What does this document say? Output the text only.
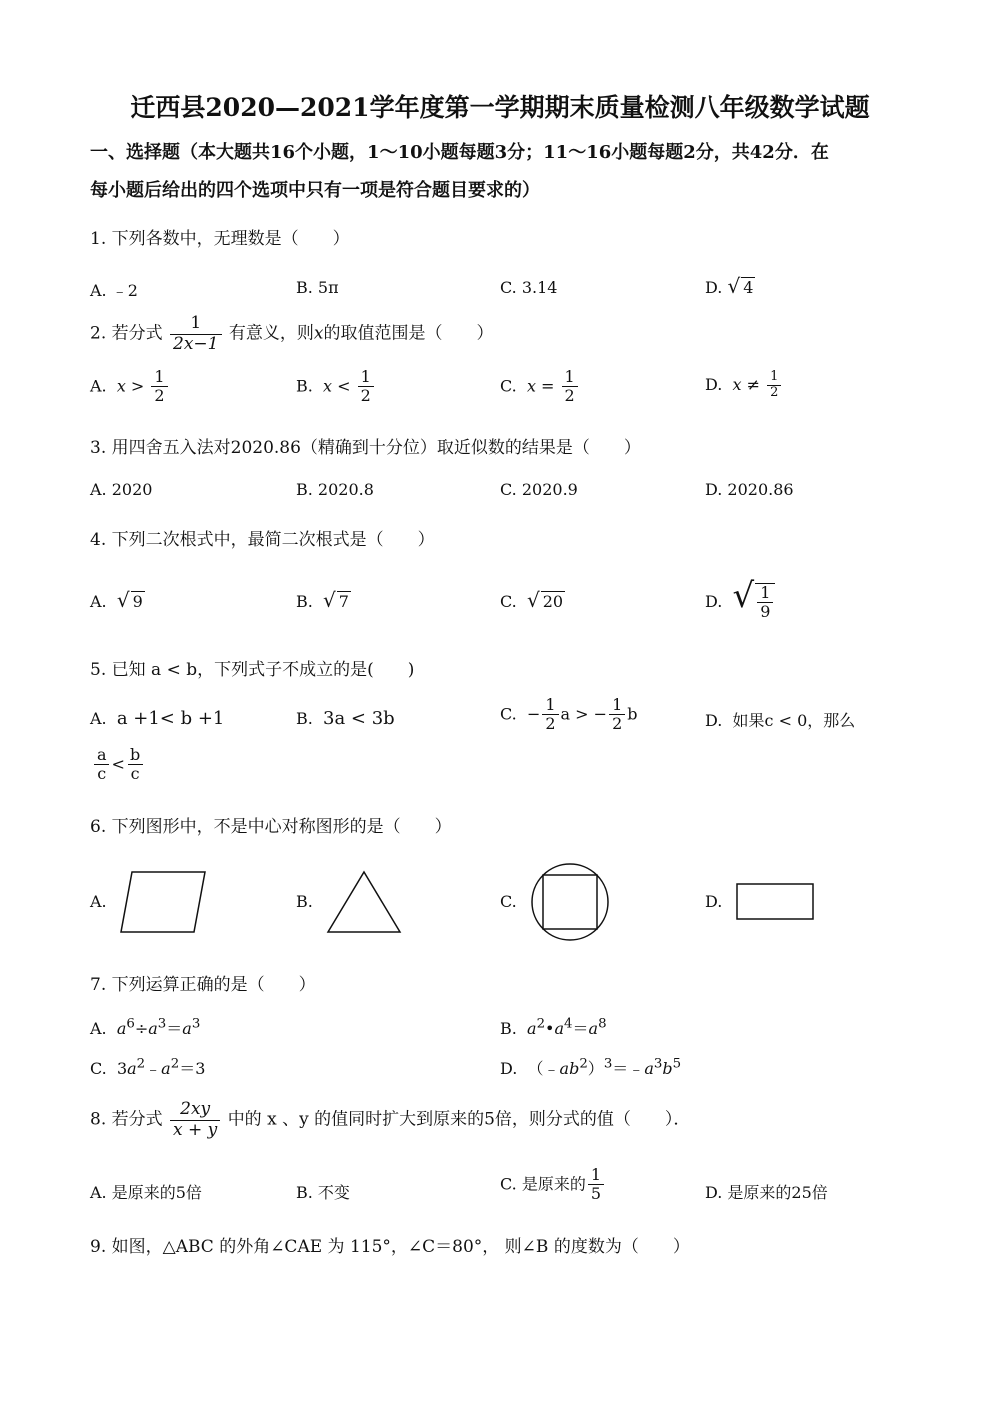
迁西县2020—2021学年度第一学期期末质量检测八年级数学试题
一、选择题（本大题共16个小题，1～10小题每题3分；11～16小题每题2分，共42分．在
每小题后给出的四个选项中只有一项是符合题目要求的）
1. 下列各数中，无理数是（　　）
A. ﹣2	B. 5π	C. 3.14	D. √ 4
2. 若分式 $\frac{1}{2x-1}$ 有意义，则x的取值范围是（　　）
A. $x > \frac{1}{2}$	B. $x < \frac{1}{2}$	C. $x = \frac{1}{2}$	D. $x \ne \frac{1}{2}$
3. 用四舍五入法对2020.86（精确到十分位）取近似数的结果是（　　）
A. 2020	B. 2020.8	C. 2020.9	D. 2020.86
4. 下列二次根式中，最简二次根式是（　　）
A. √ 9	B. √ 7	C. √ 20	D. √ $\frac{1}{9}$
5. 已知 a < b，下列式子不成立的是(　　)
A. a +1< b +1	B. 3a < 3b	C. − $\frac{1}{2}$ a > − $\frac{1}{2}$ b	D. 如果c < 0，那么
$\frac{a}{c} < \frac{b}{c}$
6. 下列图形中，不是中心对称图形的是（　　）
A.	B.	C.	D.
7. 下列运算正确的是（　　）
A. $a^6\div a^3=a^3$	B. $a^2•a^4=a^8$
C.  $3a^2﹣a^2=3$	D.  $(﹣ab^2)^3=﹣a^3b^5$
8. 若分式 $\frac{2xy}{x + y}$ 中的 x 、y 的值同时扩大到原来的5倍，则分式的值（　　）．
A. 是原来的5倍	B. 不变	C. 是原来的 $\frac{1}{5}$	D. 是原来的25倍
9. 如图，△ABC 的外角∠CAE 为 115°，∠C＝80°， 则∠B 的度数为（　　）
